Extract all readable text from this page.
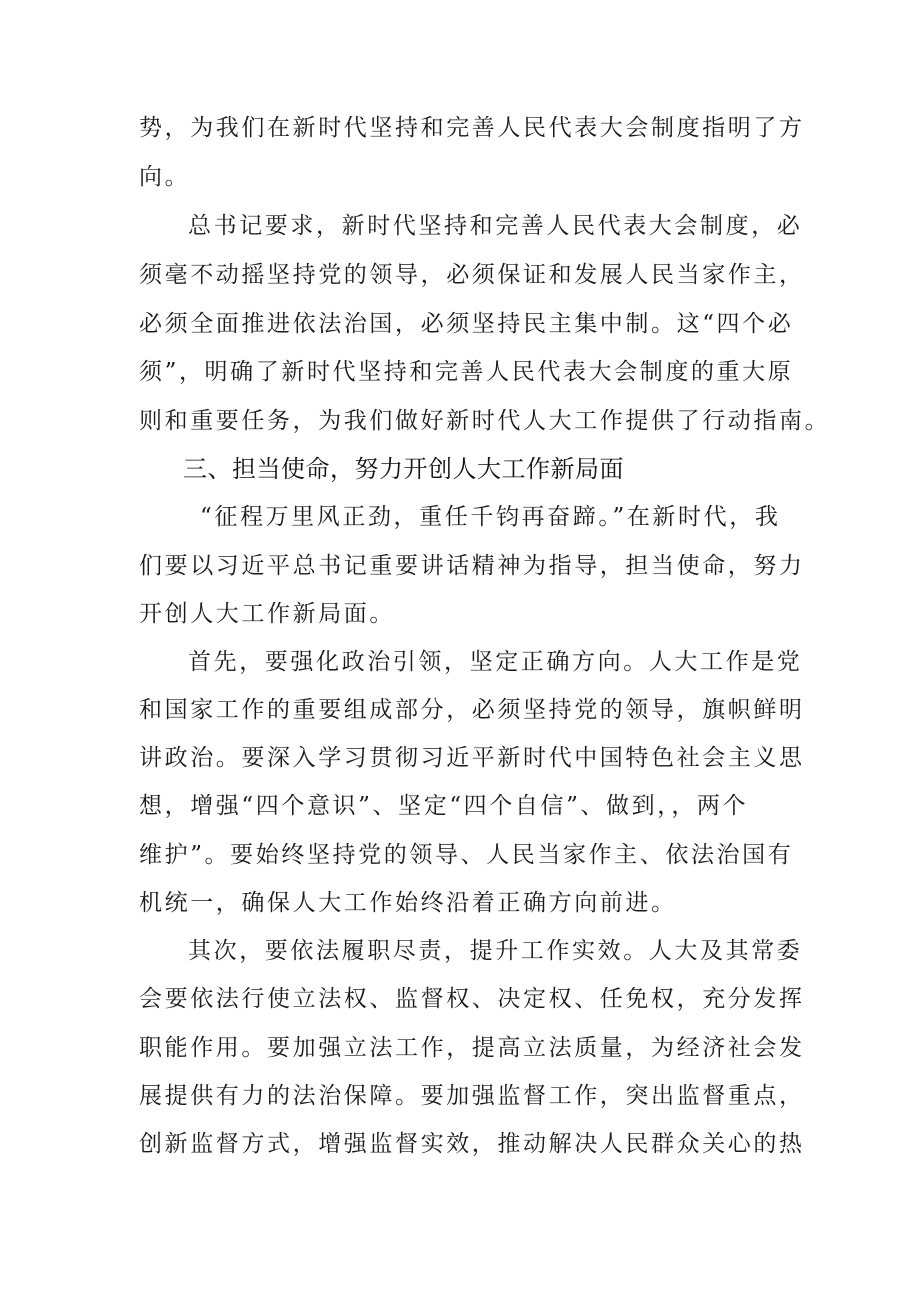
势，为我们在新时代坚持和完善人民代表大会制度指明了方
向。
总书记要求，新时代坚持和完善人民代表大会制度，必
须毫不动摇坚持党的领导，必须保证和发展人民当家作主，
必须全面推进依法治国，必须坚持民主集中制。这“四个必
须”，明确了新时代坚持和完善人民代表大会制度的重大原
则和重要任务，为我们做好新时代人大工作提供了行动指南。
三、担当使命，努力开创人大工作新局面
“征程万里风正劲，重任千钧再奋蹄。”在新时代，我
们要以习近平总书记重要讲话精神为指导，担当使命，努力
开创人大工作新局面。
首先，要强化政治引领，坚定正确方向。人大工作是党
和国家工作的重要组成部分，必须坚持党的领导，旗帜鲜明
讲政治。要深入学习贯彻习近平新时代中国特色社会主义思
想，增强“四个意识”、坚定“四个自信”、做到，，两个
维护”。要始终坚持党的领导、人民当家作主、依法治国有
机统一，确保人大工作始终沿着正确方向前进。
其次，要依法履职尽责，提升工作实效。人大及其常委
会要依法行使立法权、监督权、决定权、任免权，充分发挥
职能作用。要加强立法工作，提高立法质量，为经济社会发
展提供有力的法治保障。要加强监督工作，突出监督重点，
创新监督方式，增强监督实效，推动解决人民群众关心的热
